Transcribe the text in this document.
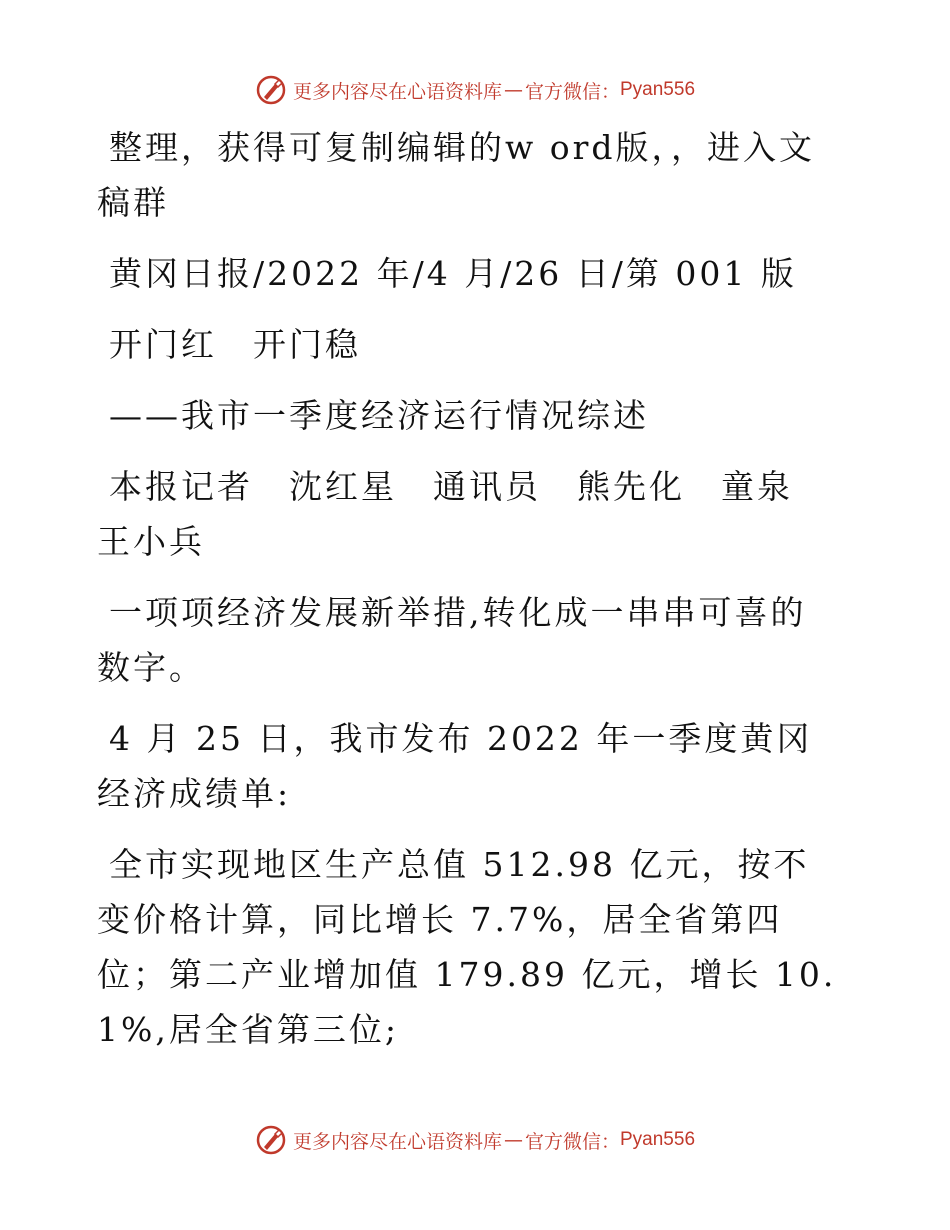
更多内容尽在心语资料库 — 官方微信： Pyan556

整理，获得可复制编辑的w ord版，，进入文稿群

黄冈日报/2022 年/4 月/26 日/第 001 版

开门红　开门稳

——我市一季度经济运行情况综述

本报记者　沈红星　通讯员　熊先化　童泉　王小兵

一项项经济发展新举措,转化成一串串可喜的数字。

4 月 25 日，我市发布 2022 年一季度黄冈经济成绩单:

全市实现地区生产总值 512.98 亿元，按不变价格计算，同比增长 7.7%，居全省第四位；第二产业增加值 179.89 亿元，增长 10.1%,居全省第三位;

更多内容尽在心语资料库 — 官方微信： Pyan556
